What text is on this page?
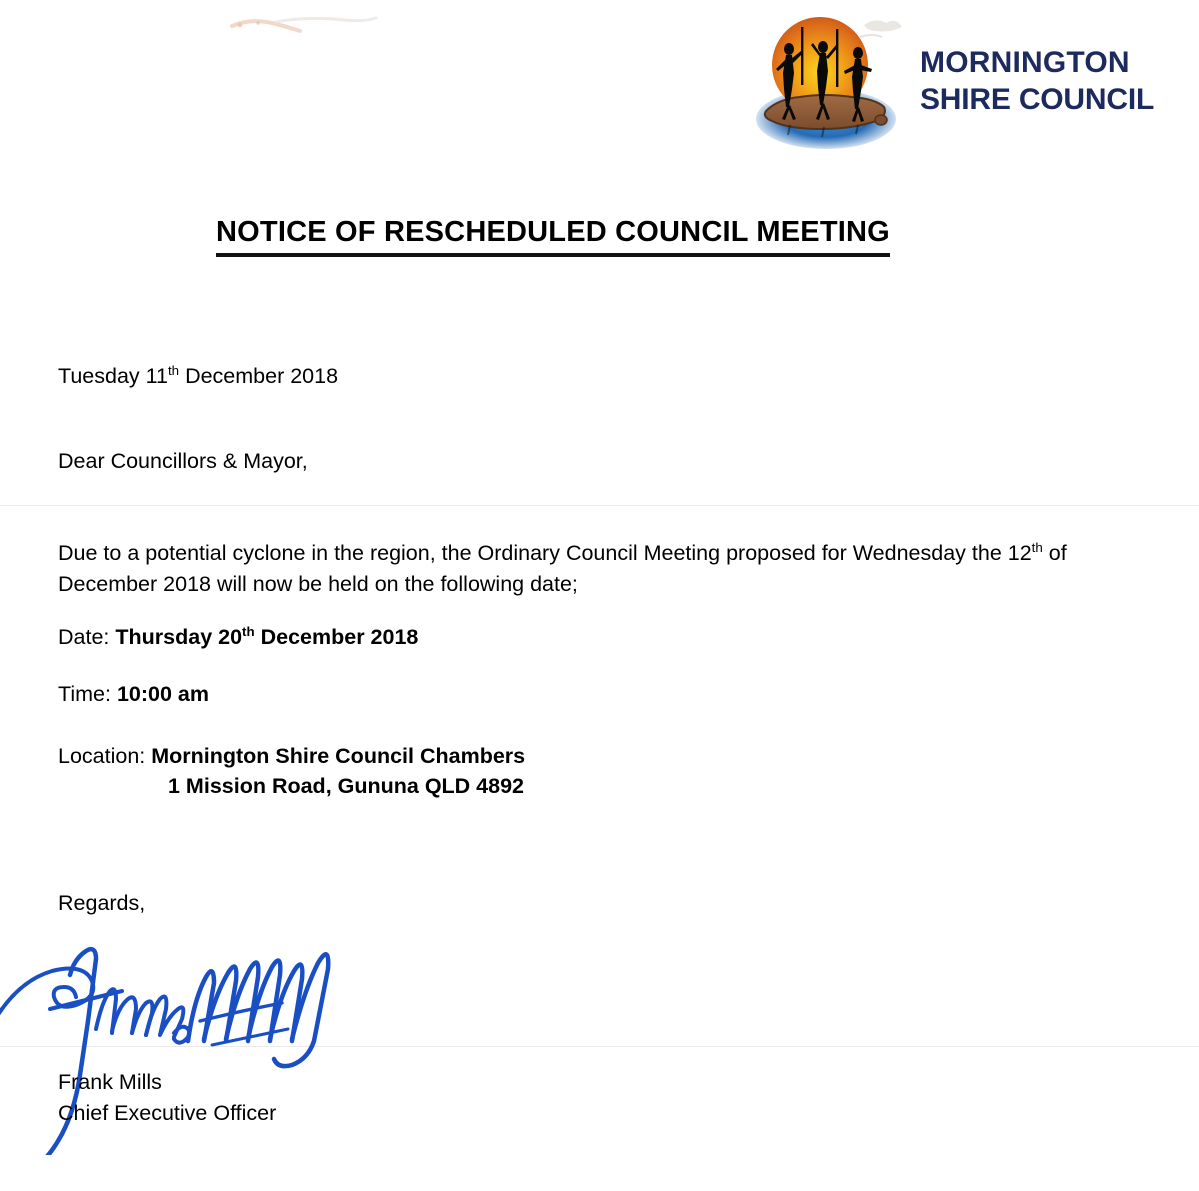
MORNINGTON
SHIRE COUNCIL
NOTICE OF RESCHEDULED COUNCIL MEETING
Tuesday 11th December 2018
Dear Councillors & Mayor,
Due to a potential cyclone in the region, the Ordinary Council Meeting proposed for Wednesday the 12th of December 2018 will now be held on the following date;
Date: Thursday 20th December 2018
Time: 10:00 am
Location: Mornington Shire Council Chambers
1 Mission Road, Gununa QLD 4892
Regards,
Frank Mills
Chief Executive Officer
